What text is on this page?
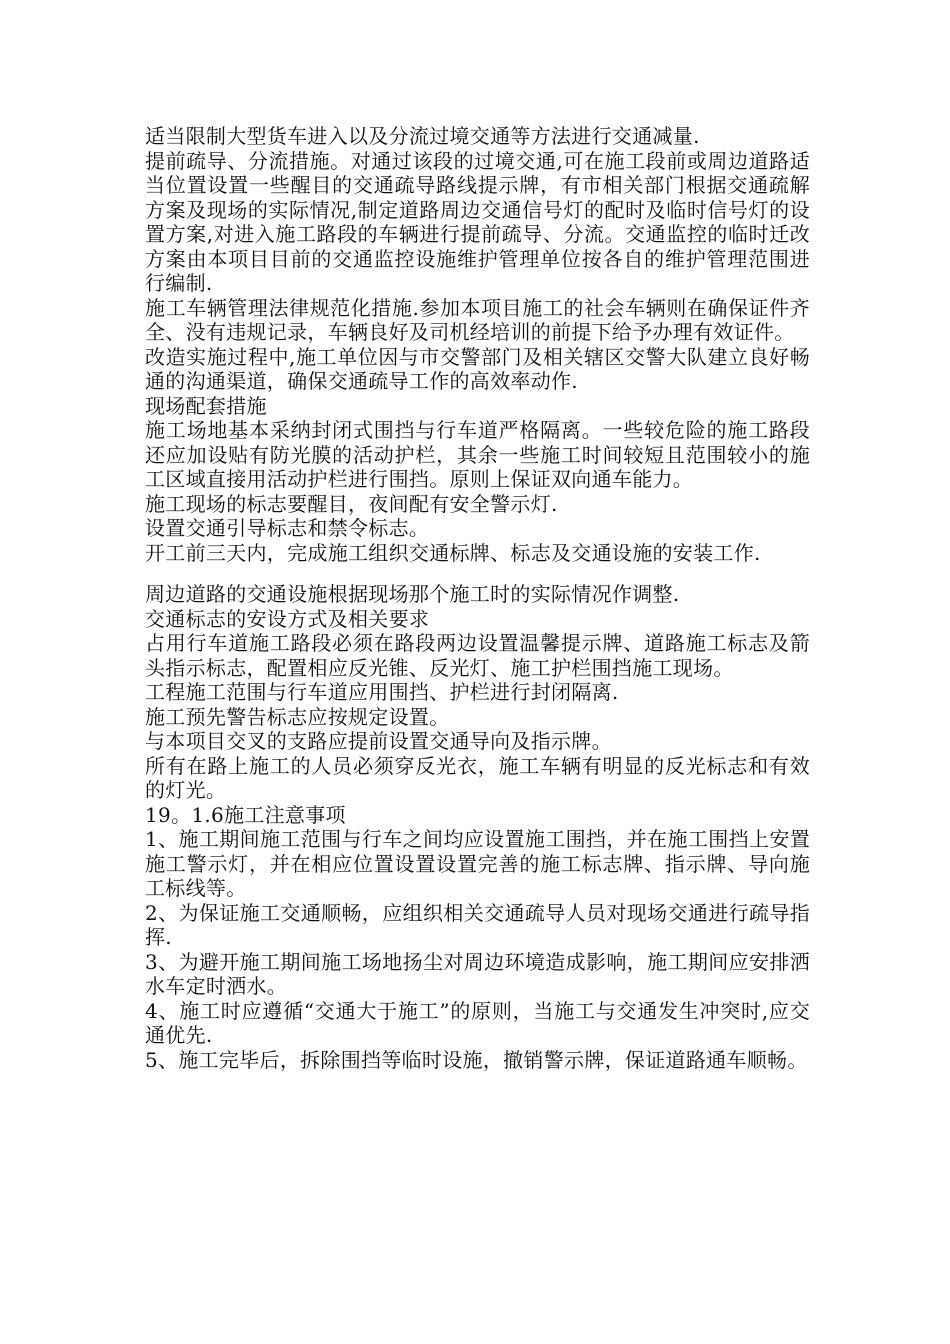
适当限制大型货车进入以及分流过境交通等方法进行交通减量.

提前疏导、分流措施。对通过该段的过境交通,可在施工段前或周边道路适当位置设置一些醒目的交通疏导路线提示牌，有市相关部门根据交通疏解方案及现场的实际情况,制定道路周边交通信号灯的配时及临时信号灯的设置方案,对进入施工路段的车辆进行提前疏导、分流。交通监控的临时迁改方案由本项目目前的交通监控设施维护管理单位按各自的维护管理范围进行编制.

施工车辆管理法律规范化措施.参加本项目施工的社会车辆则在确保证件齐全、没有违规记录，车辆良好及司机经培训的前提下给予办理有效证件。

改造实施过程中,施工单位因与市交警部门及相关辖区交警大队建立良好畅通的沟通渠道，确保交通疏导工作的高效率动作.

现场配套措施

施工场地基本采纳封闭式围挡与行车道严格隔离。一些较危险的施工路段还应加设贴有防光膜的活动护栏，其余一些施工时间较短且范围较小的施工区域直接用活动护栏进行围挡。原则上保证双向通车能力。

施工现场的标志要醒目，夜间配有安全警示灯.

设置交通引导标志和禁令标志。

开工前三天内，完成施工组织交通标牌、标志及交通设施的安装工作.

周边道路的交通设施根据现场那个施工时的实际情况作调整.

交通标志的安设方式及相关要求

占用行车道施工路段必须在路段两边设置温馨提示牌、道路施工标志及箭头指示标志，配置相应反光锥、反光灯、施工护栏围挡施工现场。

工程施工范围与行车道应用围挡、护栏进行封闭隔离.

施工预先警告标志应按规定设置。

与本项目交叉的支路应提前设置交通导向及指示牌。

所有在路上施工的人员必须穿反光衣，施工车辆有明显的反光标志和有效的灯光。

19。1.6施工注意事项

1、施工期间施工范围与行车之间均应设置施工围挡，并在施工围挡上安置施工警示灯，并在相应位置设置设置完善的施工标志牌、指示牌、导向施工标线等。

2、为保证施工交通顺畅，应组织相关交通疏导人员对现场交通进行疏导指挥.

3、为避开施工期间施工场地扬尘对周边环境造成影响，施工期间应安排洒水车定时洒水。

4、施工时应遵循“交通大于施工”的原则，当施工与交通发生冲突时,应交通优先.

5、施工完毕后，拆除围挡等临时设施，撤销警示牌，保证道路通车顺畅。
